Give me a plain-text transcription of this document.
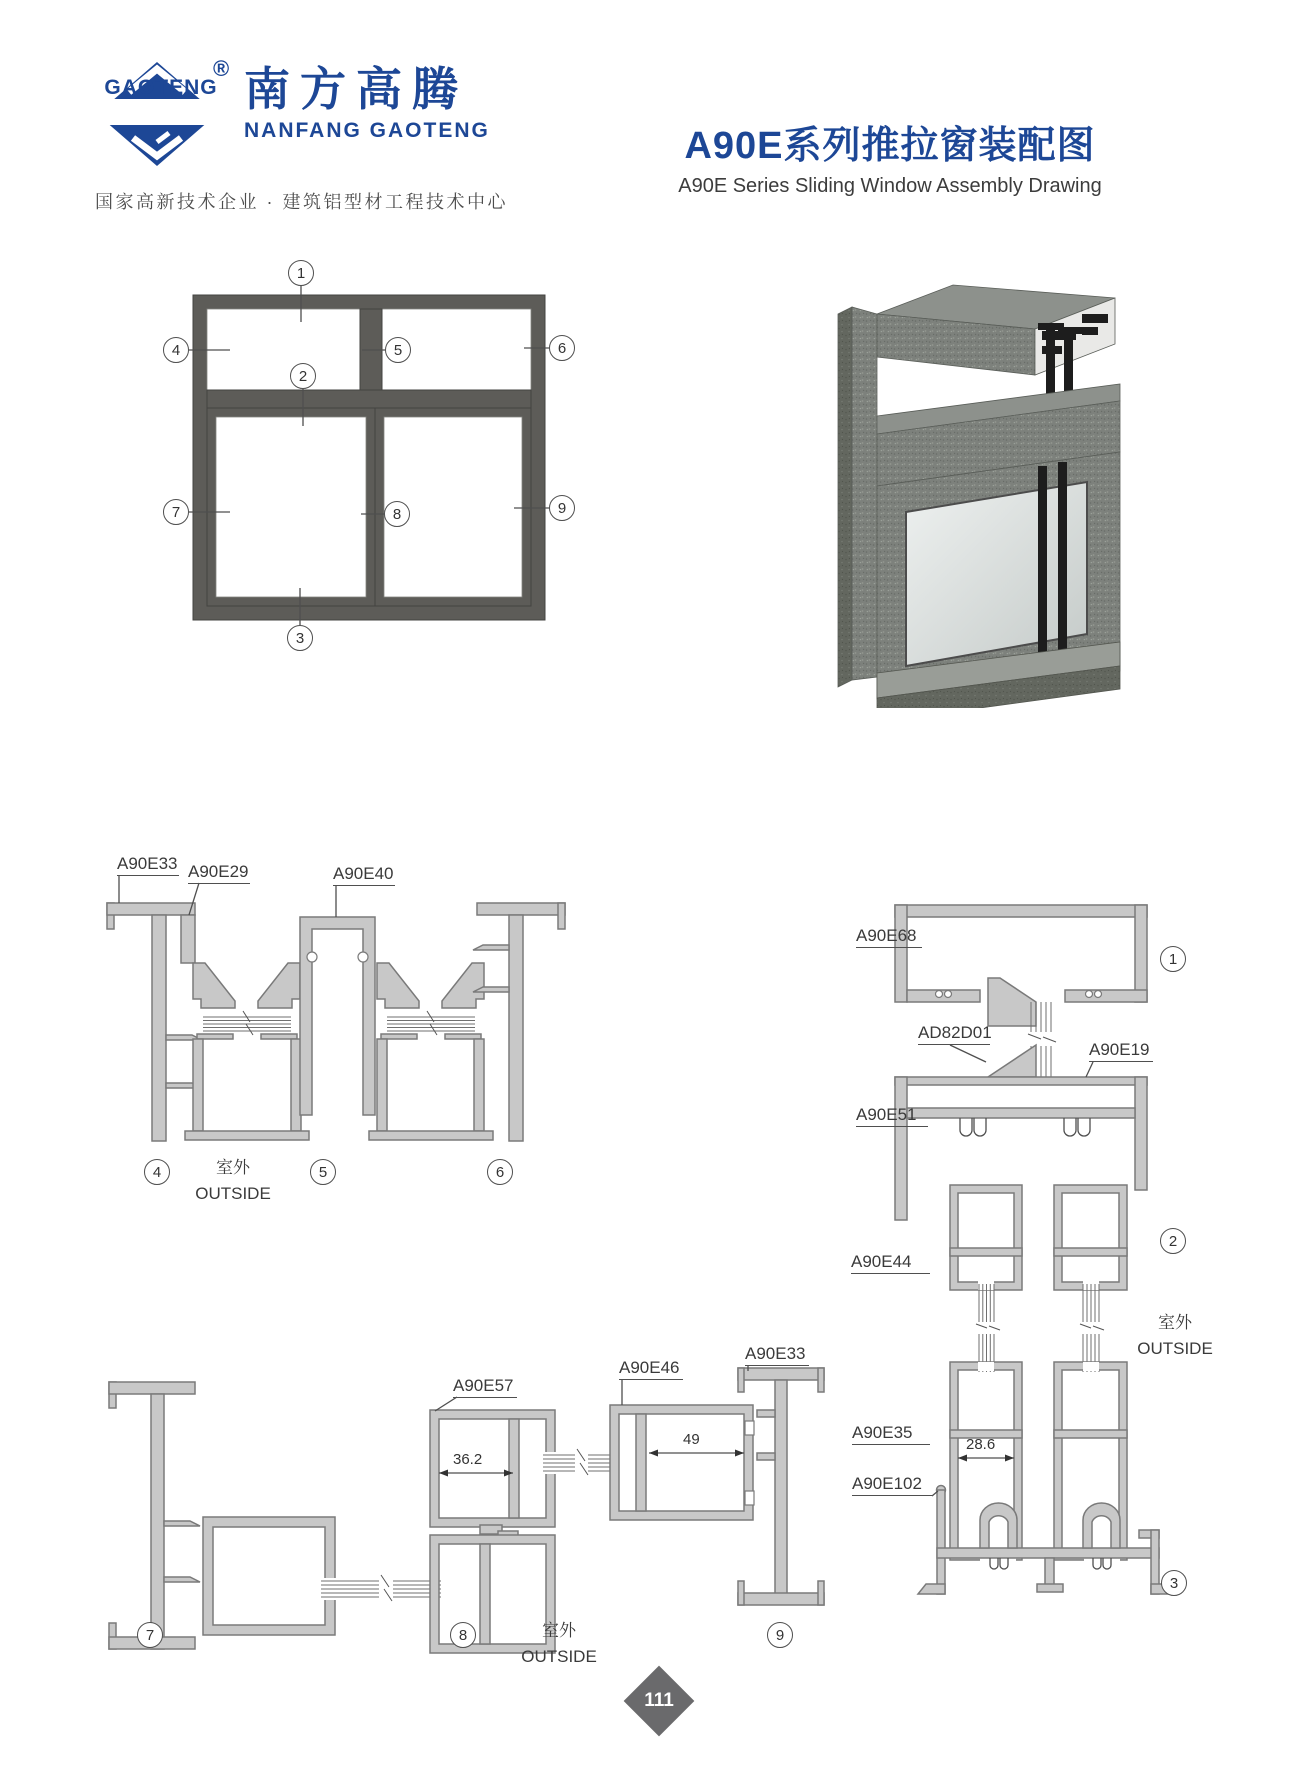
GAOTENG
® 南方高腾
NANFANG GAOTENG
国家高新技术企业 · 建筑铝型材工程技术中心
A90E系列推拉窗装配图
A90E Series Sliding Window Assembly Drawing
1
2
3
4	5	6
7	8	9
A90E33 A90E29	A90E40
4	5	6
室外
OUTSIDE
A90E57
A90E46
A90E33
36.2
49
7	8	9
室外
OUTSIDE
A90E68
AD82D01
A90E19
A90E51
A90E44
A90E35
A90E102
28.6
1
2
3
室外
OUTSIDE
111
